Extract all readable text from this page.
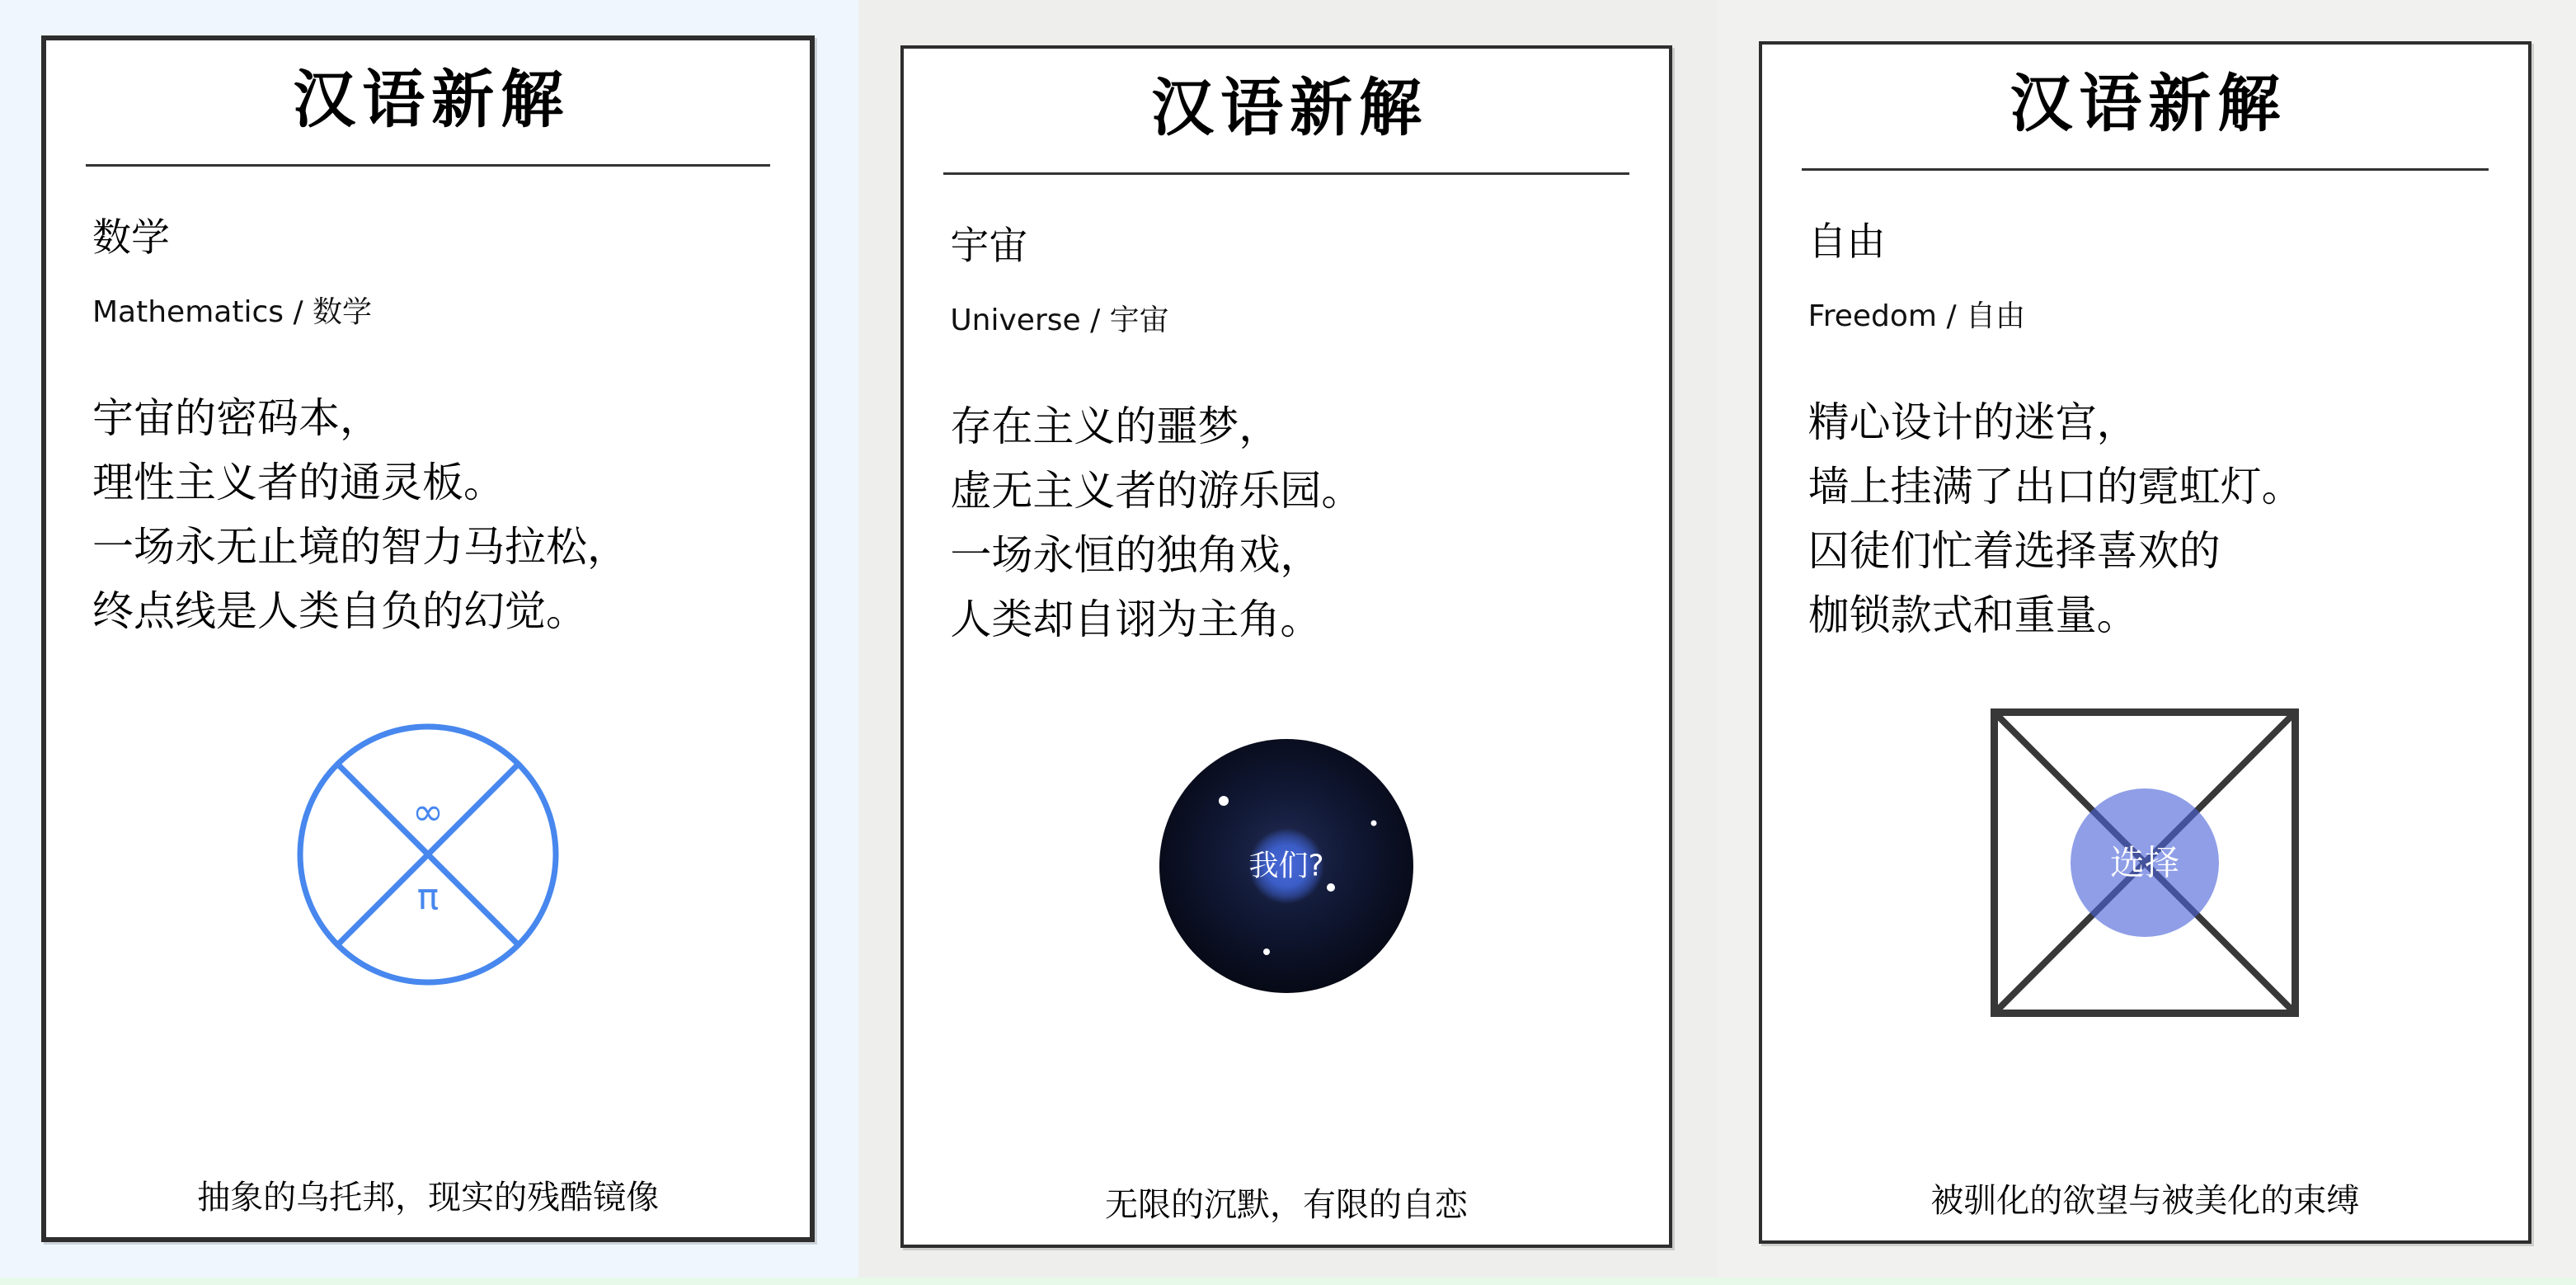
汉语新解
数学
Mathematics / 数学
宇宙的密码本，
理性主义者的通灵板。
一场永无止境的智力马拉松，
终点线是人类自负的幻觉。
∞
π
抽象的乌托邦，现实的残酷镜像
汉语新解
宇宙
Universe / 宇宙
存在主义的噩梦，
虚无主义者的游乐园。
一场永恒的独角戏，
人类却自诩为主角。
我们?
无限的沉默，有限的自恋
汉语新解
自由
Freedom / 自由
精心设计的迷宫，
墙上挂满了出口的霓虹灯。
囚徒们忙着选择喜欢的
枷锁款式和重量。
选择
被驯化的欲望与被美化的束缚
